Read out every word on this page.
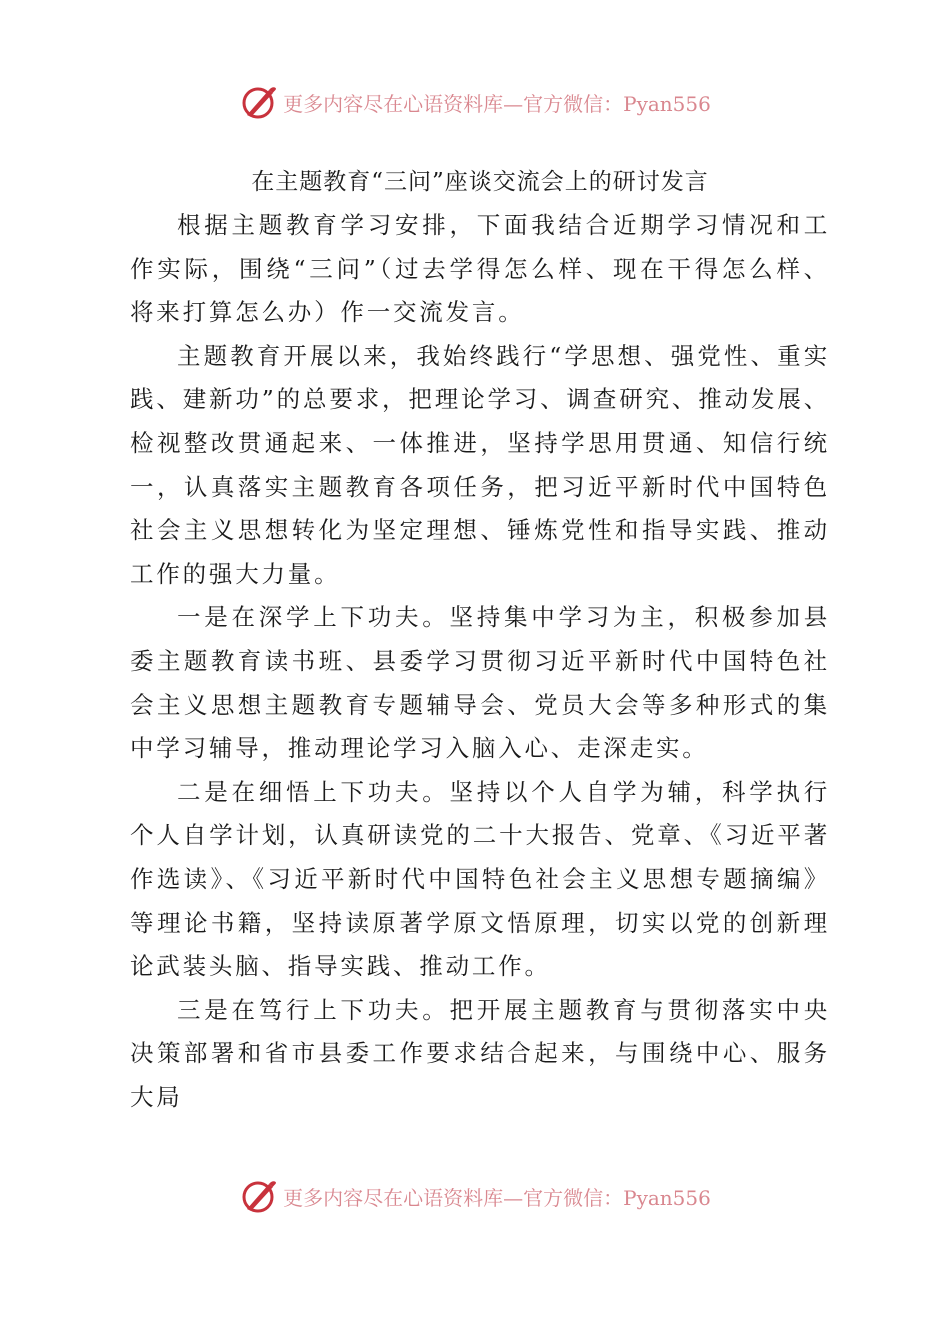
更多内容尽在心语资料库—官方微信：Pyan556

在主题教育“三问”座谈交流会上的研讨发言

根据主题教育学习安排，下面我结合近期学习情况和工作实际，围绕“三问”（过去学得怎么样、现在干得怎么样、将来打算怎么办）作一交流发言。

主题教育开展以来，我始终践行“学思想、强党性、重实践、建新功”的总要求，把理论学习、调查研究、推动发展、检视整改贯通起来、一体推进，坚持学思用贯通、知信行统一，认真落实主题教育各项任务，把习近平新时代中国特色社会主义思想转化为坚定理想、锤炼党性和指导实践、推动工作的强大力量。

一是在深学上下功夫。坚持集中学习为主，积极参加县委主题教育读书班、县委学习贯彻习近平新时代中国特色社会主义思想主题教育专题辅导会、党员大会等多种形式的集中学习辅导，推动理论学习入脑入心、走深走实。

二是在细悟上下功夫。坚持以个人自学为辅，科学执行个人自学计划，认真研读党的二十大报告、党章、《习近平著作选读》、《习近平新时代中国特色社会主义思想专题摘编》等理论书籍，坚持读原著学原文悟原理，切实以党的创新理论武装头脑、指导实践、推动工作。

三是在笃行上下功夫。把开展主题教育与贯彻落实中央决策部署和省市县委工作要求结合起来，与围绕中心、服务大局

更多内容尽在心语资料库—官方微信：Pyan556
